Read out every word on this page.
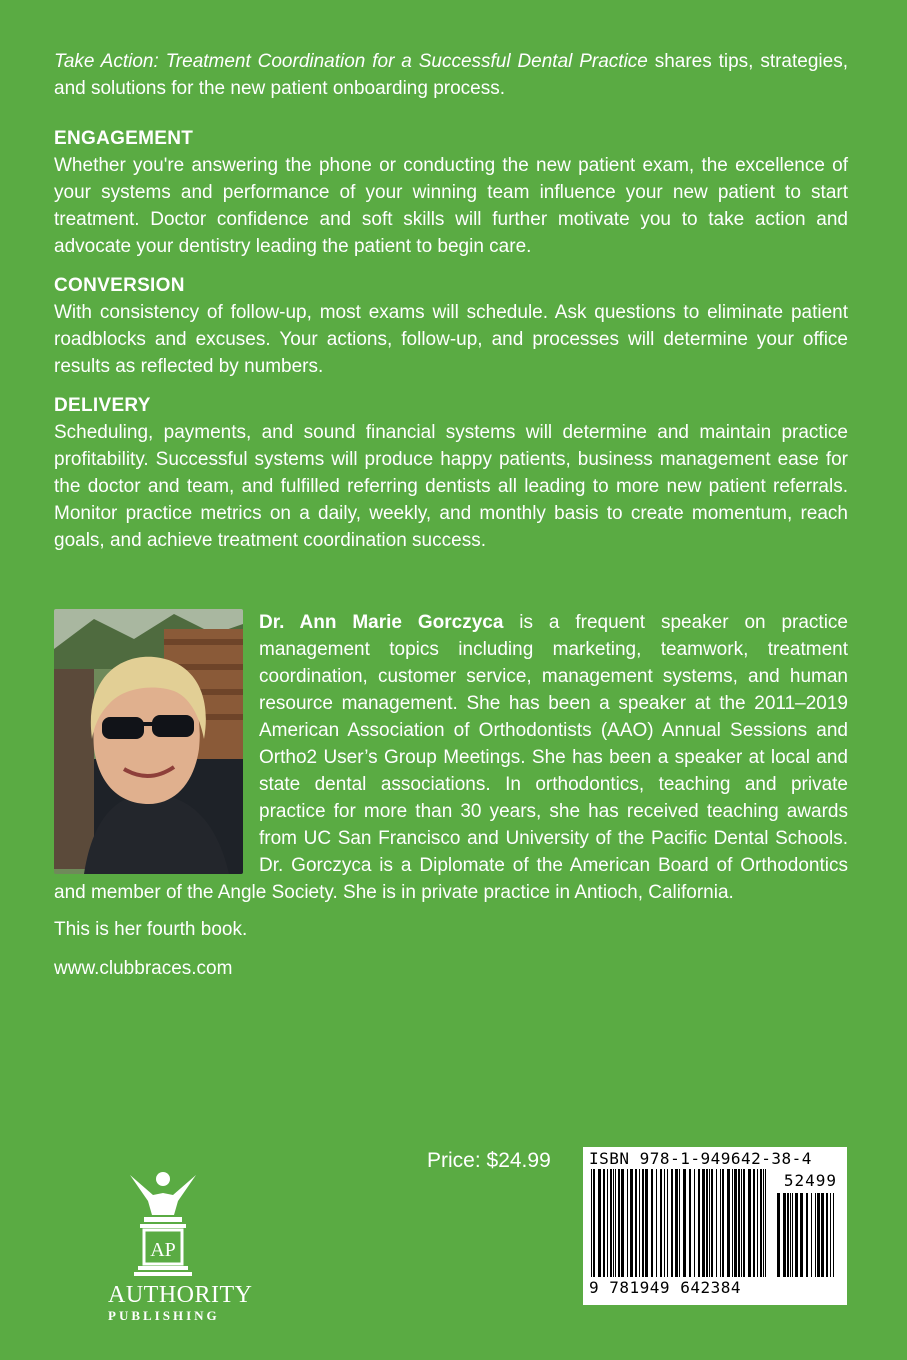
Take Action: Treatment Coordination for a Successful Dental Practice shares tips, strategies, and solutions for the new patient onboarding process.

ENGAGEMENT

Whether you're answering the phone or conducting the new patient exam, the excellence of your systems and performance of your winning team influence your new patient to start treatment. Doctor confidence and soft skills will further motivate you to take action and advocate your dentistry leading the patient to begin care.

CONVERSION

With consistency of follow-up, most exams will schedule. Ask questions to eliminate patient roadblocks and excuses. Your actions, follow-up, and processes will determine your office results as reflected by numbers.

DELIVERY

Scheduling, payments, and sound financial systems will determine and maintain practice profitability. Successful systems will produce happy patients, business management ease for the doctor and team, and fulfilled referring dentists all leading to more new patient referrals. Monitor practice metrics on a daily, weekly, and monthly basis to create momentum, reach goals, and achieve treatment coordination success.

Dr. Ann Marie Gorczyca is a frequent speaker on practice management topics including marketing, teamwork, treatment coordination, customer service, management systems, and human resource management. She has been a speaker at the 2011–2019 American Association of Orthodontists (AAO) Annual Sessions and Ortho2 User’s Group Meetings. She has been a speaker at local and state dental associations. In orthodontics, teaching and private practice for more than 30 years, she has received teaching awards from UC San Francisco and University of the Pacific Dental Schools. Dr. Gorczyca is a Diplomate of the American Board of Orthodontics and member of the Angle Society. She is in private practice in Antioch, California.

This is her fourth book.

www.clubbraces.com

AP
AUTHORITY
PUBLISHING
Price: $24.99 ISBN 978-1-949642-38-4
52499
9 781949 642384
